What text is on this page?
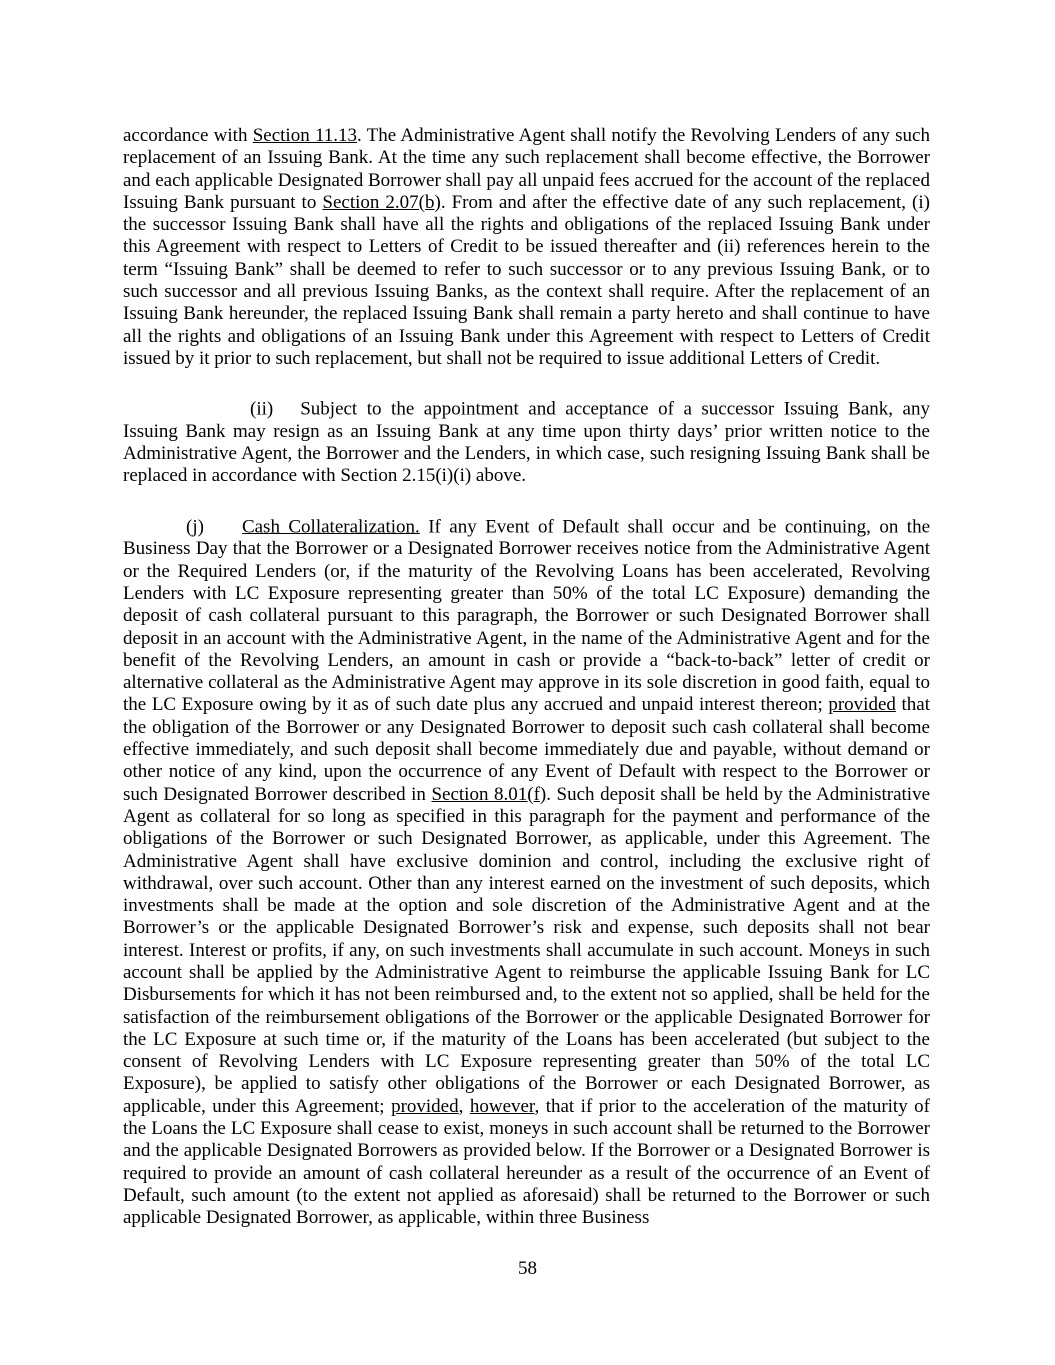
accordance with Section 11.13. The Administrative Agent shall notify the Revolving Lenders of any such replacement of an Issuing Bank. At the time any such replacement shall become effective, the Borrower and each applicable Designated Borrower shall pay all unpaid fees accrued for the account of the replaced Issuing Bank pursuant to Section 2.07(b). From and after the effective date of any such replacement, (i) the successor Issuing Bank shall have all the rights and obligations of the replaced Issuing Bank under this Agreement with respect to Letters of Credit to be issued thereafter and (ii) references herein to the term “Issuing Bank” shall be deemed to refer to such successor or to any previous Issuing Bank, or to such successor and all previous Issuing Banks, as the context shall require. After the replacement of an Issuing Bank hereunder, the replaced Issuing Bank shall remain a party hereto and shall continue to have all the rights and obligations of an Issuing Bank under this Agreement with respect to Letters of Credit issued by it prior to such replacement, but shall not be required to issue additional Letters of Credit.

(ii) Subject to the appointment and acceptance of a successor Issuing Bank, any Issuing Bank may resign as an Issuing Bank at any time upon thirty days’ prior written notice to the Administrative Agent, the Borrower and the Lenders, in which case, such resigning Issuing Bank shall be replaced in accordance with Section 2.15(i)(i) above.

(j) Cash Collateralization. If any Event of Default shall occur and be continuing, on the Business Day that the Borrower or a Designated Borrower receives notice from the Administrative Agent or the Required Lenders (or, if the maturity of the Revolving Loans has been accelerated, Revolving Lenders with LC Exposure representing greater than 50% of the total LC Exposure) demanding the deposit of cash collateral pursuant to this paragraph, the Borrower or such Designated Borrower shall deposit in an account with the Administrative Agent, in the name of the Administrative Agent and for the benefit of the Revolving Lenders, an amount in cash or provide a “back-to-back” letter of credit or alternative collateral as the Administrative Agent may approve in its sole discretion in good faith, equal to the LC Exposure owing by it as of such date plus any accrued and unpaid interest thereon; provided that the obligation of the Borrower or any Designated Borrower to deposit such cash collateral shall become effective immediately, and such deposit shall become immediately due and payable, without demand or other notice of any kind, upon the occurrence of any Event of Default with respect to the Borrower or such Designated Borrower described in Section 8.01(f). Such deposit shall be held by the Administrative Agent as collateral for so long as specified in this paragraph for the payment and performance of the obligations of the Borrower or such Designated Borrower, as applicable, under this Agreement. The Administrative Agent shall have exclusive dominion and control, including the exclusive right of withdrawal, over such account. Other than any interest earned on the investment of such deposits, which investments shall be made at the option and sole discretion of the Administrative Agent and at the Borrower’s or the applicable Designated Borrower’s risk and expense, such deposits shall not bear interest. Interest or profits, if any, on such investments shall accumulate in such account. Moneys in such account shall be applied by the Administrative Agent to reimburse the applicable Issuing Bank for LC Disbursements for which it has not been reimbursed and, to the extent not so applied, shall be held for the satisfaction of the reimbursement obligations of the Borrower or the applicable Designated Borrower for the LC Exposure at such time or, if the maturity of the Loans has been accelerated (but subject to the consent of Revolving Lenders with LC Exposure representing greater than 50% of the total LC Exposure), be applied to satisfy other obligations of the Borrower or each Designated Borrower, as applicable, under this Agreement; provided, however, that if prior to the acceleration of the maturity of the Loans the LC Exposure shall cease to exist, moneys in such account shall be returned to the Borrower and the applicable Designated Borrowers as provided below. If the Borrower or a Designated Borrower is required to provide an amount of cash collateral hereunder as a result of the occurrence of an Event of Default, such amount (to the extent not applied as aforesaid) shall be returned to the Borrower or such applicable Designated Borrower, as applicable, within three Business

58
